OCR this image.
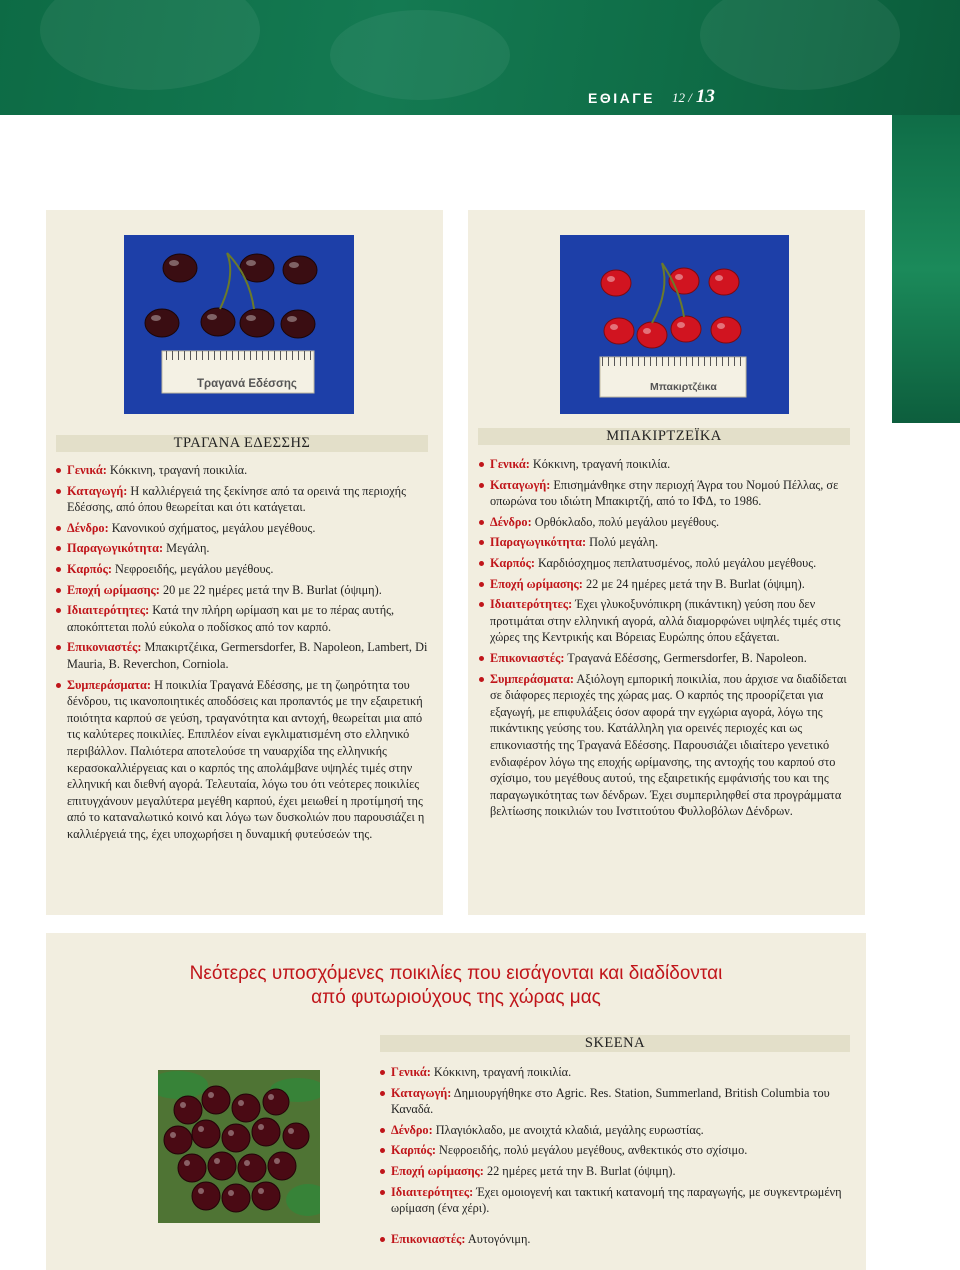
ΕΘΙΑΓΕ 12 / 13
Τραγανά Εδέσσης
ΤΡΑΓΑΝΑ ΕΔΕΣΣΗΣ
Γενικά: Κόκκινη, τραγανή ποικιλία.
Καταγωγή: Η καλλιέργειά της ξεκίνησε από τα ορεινά της περιοχής Εδέσσης, από όπου θεωρείται και ότι κατάγεται.
Δένδρο: Κανονικού σχήματος, μεγάλου μεγέθους.
Παραγωγικότητα: Μεγάλη.
Καρπός: Νεφροειδής, μεγάλου μεγέθους.
Εποχή ωρίμασης: 20 με 22 ημέρες μετά την B. Burlat (όψιμη).
Ιδιαιτερότητες: Κατά την πλήρη ωρίμαση και με το πέρας αυτής, αποκόπτεται πολύ εύκολα ο ποδίσκος από τον καρπό.
Επικονιαστές: Μπακιρτζέικα, Germersdorfer, B. Napoleon, Lambert, Di Mauria, B. Reverchon, Corniola.
Συμπεράσματα: Η ποικιλία Τραγανά Εδέσσης, με τη ζωηρότητα του δένδρου, τις ικανοποιητικές αποδόσεις και προπαντός με την εξαιρετική ποιότητα καρπού σε γεύση, τραγανότητα και αντοχή, θεωρείται μια από τις καλύτερες ποικιλίες. Επιπλέον είναι εγκλιματισμένη στο ελληνικό περιβάλλον. Παλιότερα αποτελούσε τη ναυαρχίδα της ελληνικής κερασοκαλλιέργειας και ο καρπός της απολάμβανε υψηλές τιμές στην ελληνική και διεθνή αγορά. Τελευταία, λόγω του ότι νεότερες ποικιλίες επιτυγχάνουν μεγαλύτερα μεγέθη καρπού, έχει μειωθεί η προτίμησή της από το καταναλωτικό κοινό και λόγω των δυσκολιών που παρουσιάζει η καλλιέργειά της, έχει υποχωρήσει η δυναμική φυτεύσεών της.
Μπακιρτζέικα
ΜΠΑΚΙΡΤΖΕΪΚΑ
Γενικά: Κόκκινη, τραγανή ποικιλία.
Καταγωγή: Επισημάνθηκε στην περιοχή Άγρα του Νομού Πέλλας, σε οπωρώνα του ιδιώτη Μπακιρτζή, από το ΙΦΔ, το 1986.
Δένδρο: Ορθόκλαδο, πολύ μεγάλου μεγέθους.
Παραγωγικότητα: Πολύ μεγάλη.
Καρπός: Καρδιόσχημος πεπλατυσμένος, πολύ μεγάλου μεγέθους.
Εποχή ωρίμασης: 22 με 24 ημέρες μετά την B. Burlat (όψιμη).
Ιδιαιτερότητες: Έχει γλυκοξυνόπικρη (πικάντικη) γεύση που δεν προτιμάται στην ελληνική αγορά, αλλά διαμορφώνει υψηλές τιμές στις χώρες της Κεντρικής και Βόρειας Ευρώπης όπου εξάγεται.
Επικονιαστές: Τραγανά Εδέσσης, Germersdorfer, B. Napoleon.
Συμπεράσματα: Αξιόλογη εμπορική ποικιλία, που άρχισε να διαδίδεται σε διάφορες περιοχές της χώρας μας. Ο καρπός της προορίζεται για εξαγωγή, με επιφυλάξεις όσον αφορά την εγχώρια αγορά, λόγω της πικάντικης γεύσης του. Κατάλληλη για ορεινές περιοχές και ως επικονιαστής της Τραγανά Εδέσσης. Παρουσιάζει ιδιαίτερο γενετικό ενδιαφέρον λόγω της εποχής ωρίμανσης, της αντοχής του καρπού στο σχίσιμο, του μεγέθους αυτού, της εξαιρετικής εμφάνισής του και της παραγωγικότητας των δένδρων. Έχει συμπεριληφθεί στα προγράμματα βελτίωσης ποικιλιών του Ινστιτούτου Φυλλοβόλων Δένδρων.
Νεότερες υποσχόμενες ποικιλίες που εισάγονται και διαδίδονται
από φυτωριούχους της χώρας μας
SKEENA
Γενικά: Κόκκινη, τραγανή ποικιλία.
Καταγωγή: Δημιουργήθηκε στο Agric. Res. Station, Summerland, British Columbia του Καναδά.
Δένδρο: Πλαγιόκλαδο, με ανοιχτά κλαδιά, μεγάλης ευρωστίας.
Καρπός: Νεφροειδής, πολύ μεγάλου μεγέθους, ανθεκτικός στο σχίσιμο.
Εποχή ωρίμασης: 22 ημέρες μετά την B. Burlat (όψιμη).
Ιδιαιτερότητες: Έχει ομοιογενή και τακτική κατανομή της παραγωγής, με συγκεντρωμένη ωρίμαση (ένα χέρι).
Επικονιαστές: Αυτογόνιμη.
